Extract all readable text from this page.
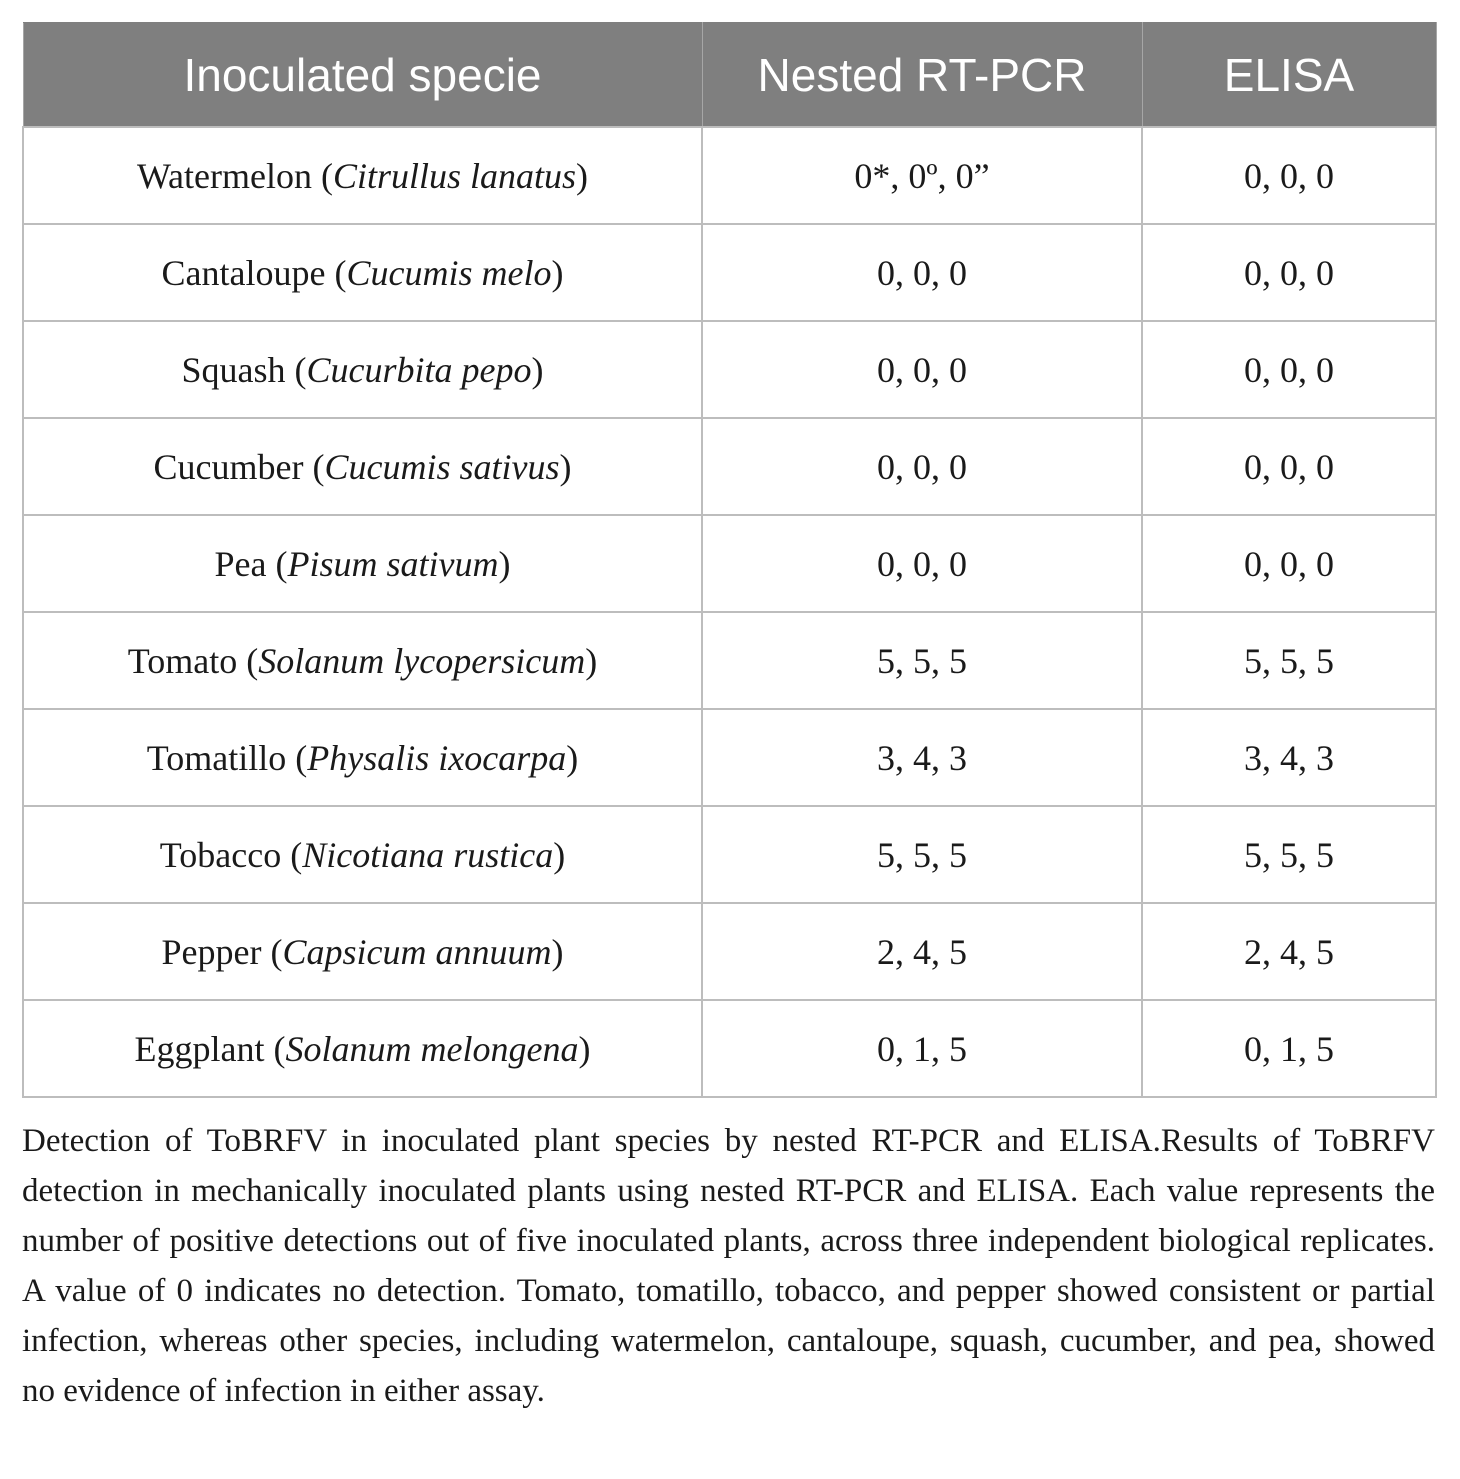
Inoculated specie	Nested RT-PCR	ELISA
Watermelon (Citrullus lanatus)	0*, 0º, 0”	0, 0, 0
Cantaloupe (Cucumis melo)	0, 0, 0	0, 0, 0
Squash (Cucurbita pepo)	0, 0, 0	0, 0, 0
Cucumber (Cucumis sativus)	0, 0, 0	0, 0, 0
Pea (Pisum sativum)	0, 0, 0	0, 0, 0
Tomato (Solanum lycopersicum)	5, 5, 5	5, 5, 5
Tomatillo (Physalis ixocarpa)	3, 4, 3	3, 4, 3
Tobacco (Nicotiana rustica)	5, 5, 5	5, 5, 5
Pepper (Capsicum annuum)	2, 4, 5	2, 4, 5
Eggplant (Solanum melongena)	0, 1, 5	0, 1, 5
Detection of ToBRFV in inoculated plant species by nested RT-PCR and ELISA.Results of ToBRFV detection in mechanically inoculated plants using nested RT-PCR and ELISA. Each value represents the number of positive detections out of five inoculated plants, across three independent biological replicates. A value of 0 indicates no detection. Tomato, tomatillo, tobacco, and pepper showed consistent or partial infection, whereas other species, including watermelon, cantaloupe, squash, cucumber, and pea, showed no evidence of infection in either assay.
